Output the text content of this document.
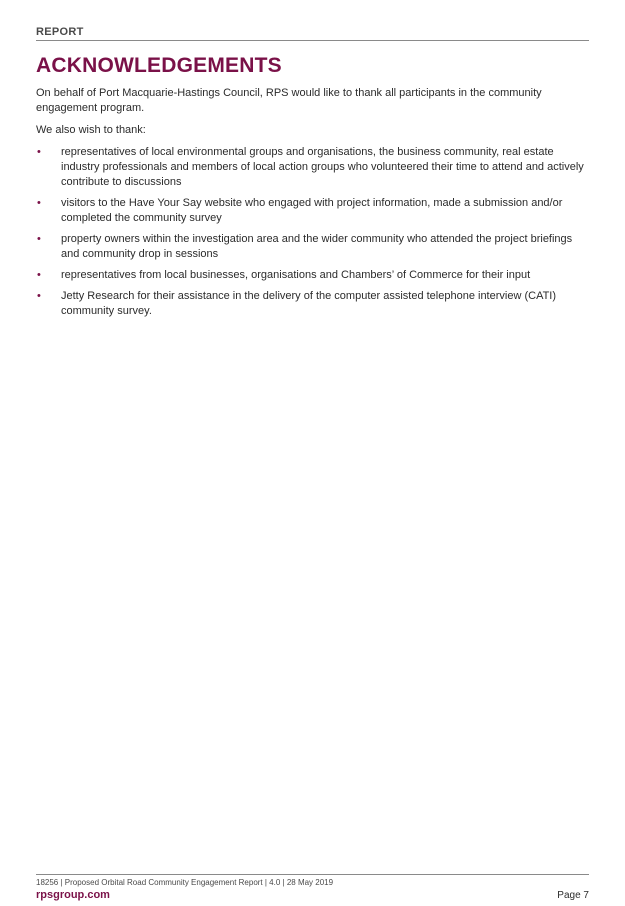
REPORT
ACKNOWLEDGEMENTS

On behalf of Port Macquarie-Hastings Council, RPS would like to thank all participants in the community engagement program.

We also wish to thank:

• representatives of local environmental groups and organisations, the business community, real estate industry professionals and members of local action groups who volunteered their time to attend and actively contribute to discussions
• visitors to the Have Your Say website who engaged with project information, made a submission and/or completed the community survey
• property owners within the investigation area and the wider community who attended the project briefings and community drop in sessions
• representatives from local businesses, organisations and Chambers’ of Commerce for their input
• Jetty Research for their assistance in the delivery of the computer assisted telephone interview (CATI) community survey.
18256 | Proposed Orbital Road Community Engagement Report | 4.0 | 28 May 2019
rpsgroup.com	Page 7
